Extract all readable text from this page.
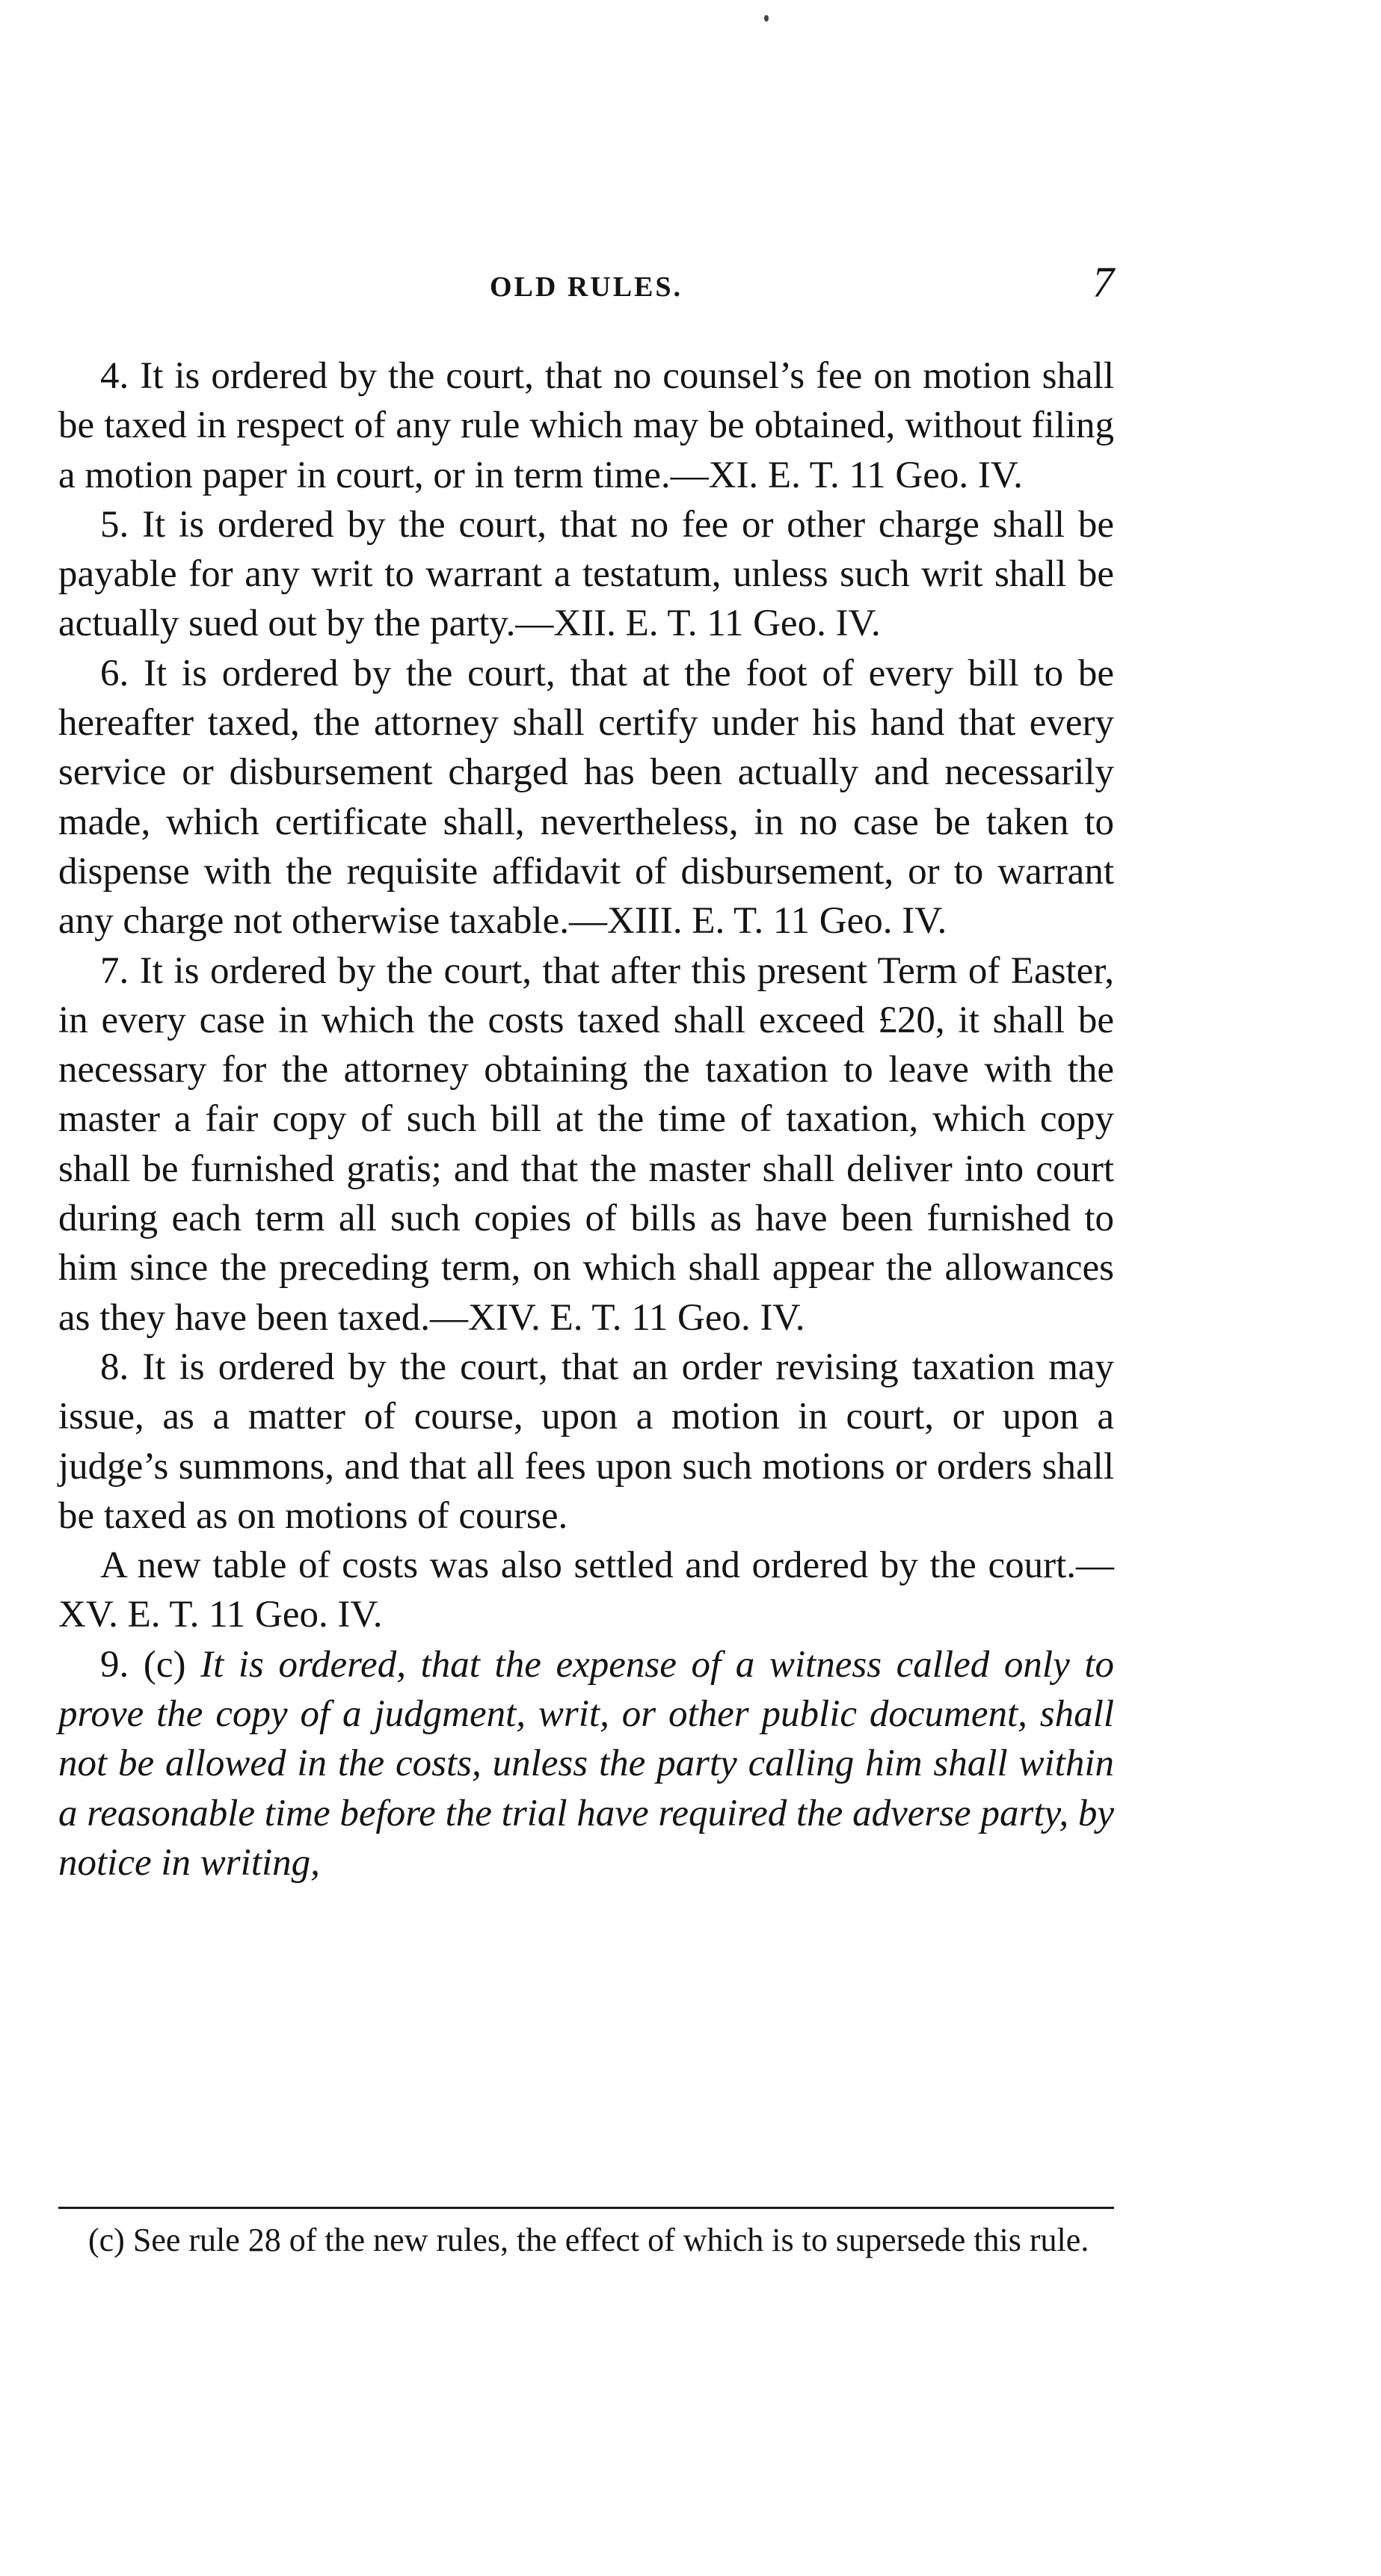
OLD RULES.	7

4. It is ordered by the court, that no counsel’s fee on motion shall be taxed in respect of any rule which may be obtained, without filing a motion paper in court, or in term time.—XI. E. T. 11 Geo. IV.

5. It is ordered by the court, that no fee or other charge shall be payable for any writ to warrant a testatum, unless such writ shall be actually sued out by the party.—XII. E. T. 11 Geo. IV.

6. It is ordered by the court, that at the foot of every bill to be hereafter taxed, the attorney shall certify under his hand that every service or disbursement charged has been actually and necessarily made, which certificate shall, nevertheless, in no case be taken to dispense with the requisite affidavit of disbursement, or to warrant any charge not otherwise taxable.—XIII. E. T. 11 Geo. IV.

7. It is ordered by the court, that after this present Term of Easter, in every case in which the costs taxed shall exceed £20, it shall be necessary for the attorney obtaining the taxation to leave with the master a fair copy of such bill at the time of taxation, which copy shall be furnished gratis; and that the master shall deliver into court during each term all such copies of bills as have been furnished to him since the preceding term, on which shall appear the allowances as they have been taxed.—XIV. E. T. 11 Geo. IV.

8. It is ordered by the court, that an order revising taxation may issue, as a matter of course, upon a motion in court, or upon a judge’s summons, and that all fees upon such motions or orders shall be taxed as on motions of course.

A new table of costs was also settled and ordered by the court.—XV. E. T. 11 Geo. IV.

9. (c) It is ordered, that the expense of a witness called only to prove the copy of a judgment, writ, or other public document, shall not be allowed in the costs, unless the party calling him shall within a reasonable time before the trial have required the adverse party, by notice in writing,

(c) See rule 28 of the new rules, the effect of which is to supersede this rule.
